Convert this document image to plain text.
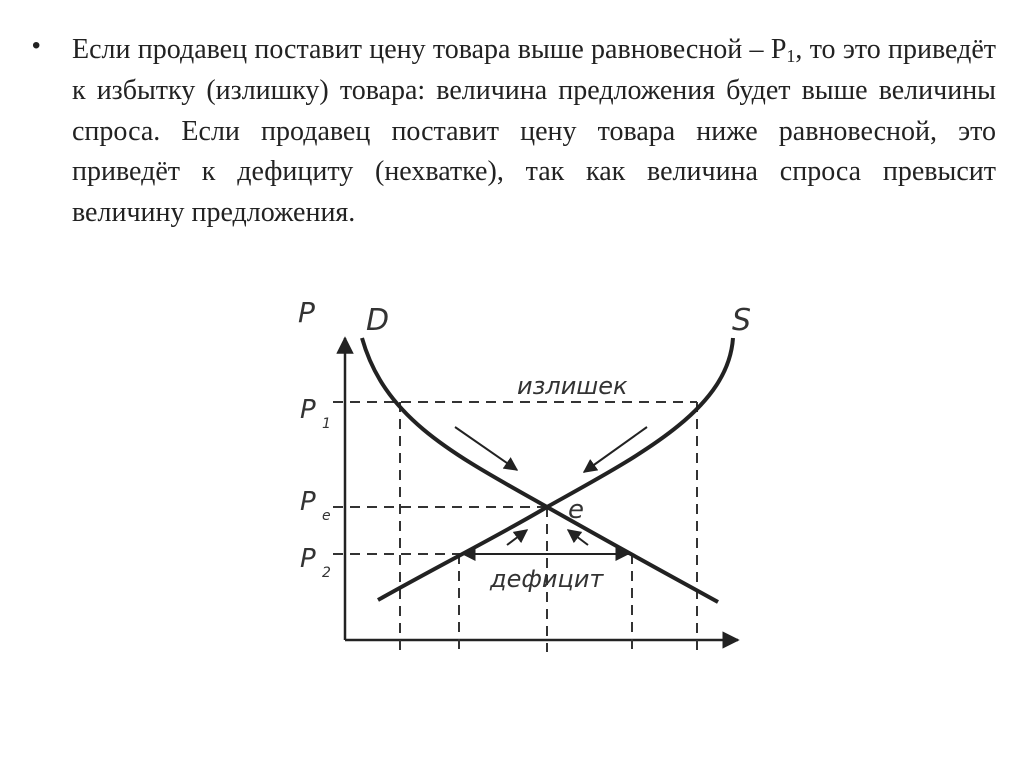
• Если продавец поставит цену товара выше равновесной – $P_1$, то это приведёт к избытку (излишку) товара: величина предложения будет выше величины спроса. Если продавец поставит цену товара ниже равновесной, это приведёт к дефициту (нехватке), так как величина спроса превысит величину предложения.

P D	S
P 1
P e
P 2
e
излишек
дефицит
